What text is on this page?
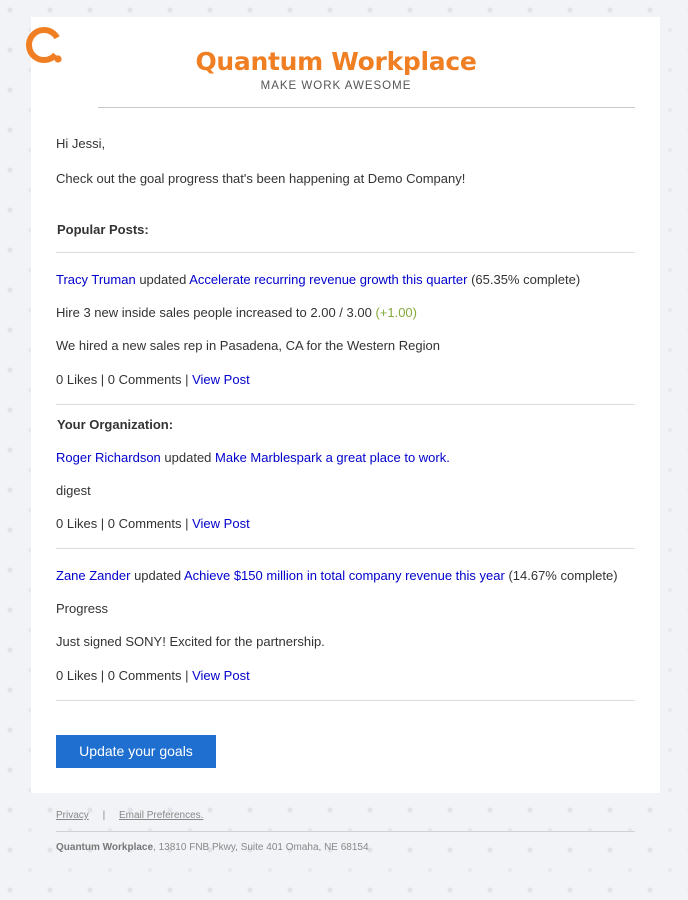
Quantum Workplace
MAKE WORK AWESOME
Hi Jessi,
Check out the goal progress that's been happening at Demo Company!
Popular Posts:
Tracy Truman updated Accelerate recurring revenue growth this quarter (65.35% complete)
Hire 3 new inside sales people increased to 2.00 / 3.00 (+1.00)
We hired a new sales rep in Pasadena, CA for the Western Region
0 Likes | 0 Comments | View Post
Your Organization:
Roger Richardson updated Make Marblespark a great place to work.
digest
0 Likes | 0 Comments | View Post
Zane Zander updated Achieve $150 million in total company revenue this year (14.67% complete)
Progress
Just signed SONY! Excited for the partnership.
0 Likes | 0 Comments | View Post
Update your goals
Privacy | Email Preferences.
Quantum Workplace, 13810 FNB Pkwy, Suite 401 Omaha, NE 68154
